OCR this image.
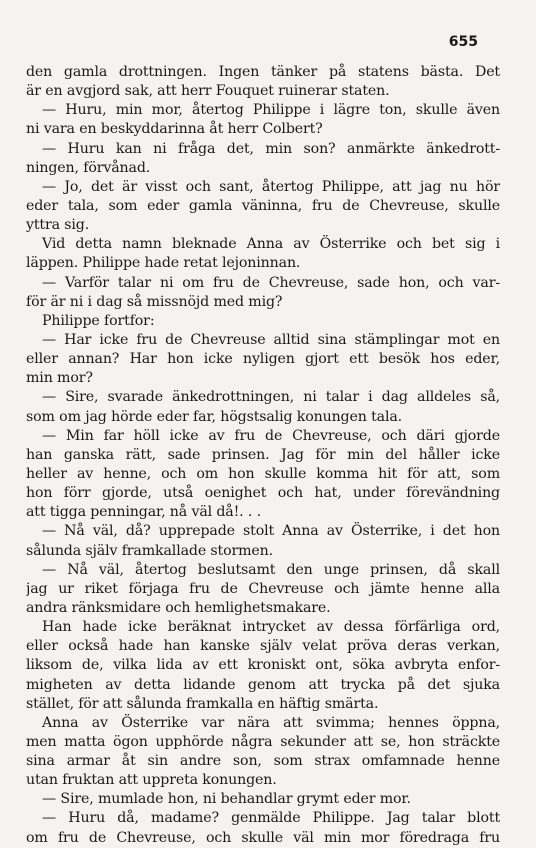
655
den gamla drottningen. Ingen tänker på statens bästa. Det
är en avgjord sak, att herr Fouquet ruinerar staten.
— Huru, min mor, återtog Philippe i lägre ton, skulle även
ni vara en beskyddarinna åt herr Colbert?
— Huru kan ni fråga det, min son? anmärkte änkedrott-
ningen, förvånad.
— Jo, det är visst och sant, återtog Philippe, att jag nu hör
eder tala, som eder gamla väninna, fru de Chevreuse, skulle
yttra sig.
Vid detta namn bleknade Anna av Österrike och bet sig i
läppen. Philippe hade retat lejoninnan.
— Varför talar ni om fru de Chevreuse, sade hon, och var-
för är ni i dag så missnöjd med mig?
Philippe fortfor:
— Har icke fru de Chevreuse alltid sina stämplingar mot en
eller annan? Har hon icke nyligen gjort ett besök hos eder,
min mor?
— Sire, svarade änkedrottningen, ni talar i dag alldeles så,
som om jag hörde eder far, högstsalig konungen tala.
— Min far höll icke av fru de Chevreuse, och däri gjorde
han ganska rätt, sade prinsen. Jag för min del håller icke
heller av henne, och om hon skulle komma hit för att, som
hon förr gjorde, utså oenighet och hat, under förevändning
att tigga penningar, nå väl då!. . .
— Nå väl, då? upprepade stolt Anna av Österrike, i det hon
sålunda själv framkallade stormen.
— Nå väl, återtog beslutsamt den unge prinsen, då skall
jag ur riket förjaga fru de Chevreuse och jämte henne alla
andra ränksmidare och hemlighetsmakare.
Han hade icke beräknat intrycket av dessa förfärliga ord,
eller också hade han kanske själv velat pröva deras verkan,
liksom de, vilka lida av ett kroniskt ont, söka avbryta enfor-
migheten av detta lidande genom att trycka på det sjuka
stället, för att sålunda framkalla en häftig smärta.
Anna av Österrike var nära att svimma; hennes öppna,
men matta ögon upphörde några sekunder att se, hon sträckte
sina armar åt sin andre son, som strax omfamnade henne
utan fruktan att uppreta konungen.
— Sire, mumlade hon, ni behandlar grymt eder mor.
— Huru då, madame? genmälde Philippe. Jag talar blott
om fru de Chevreuse, och skulle väl min mor föredraga fru
